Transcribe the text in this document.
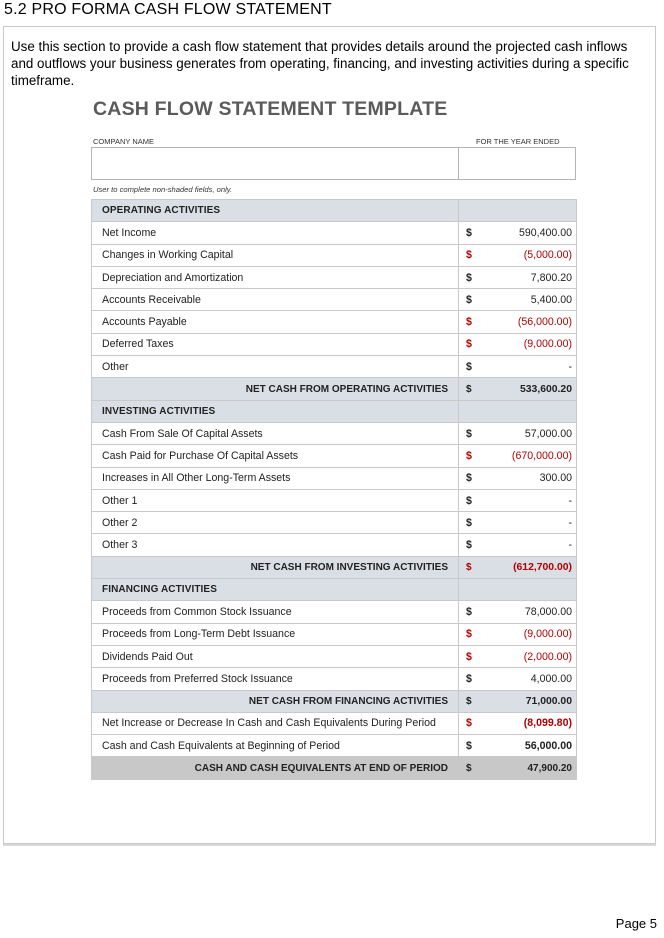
5.2 PRO FORMA CASH FLOW STATEMENT
Use this section to provide a cash flow statement that provides details around the projected cash inflows and outflows your business generates from operating, financing, and investing activities during a specific timeframe.
CASH FLOW STATEMENT TEMPLATE
COMPANY NAME	FOR THE YEAR ENDED
User to complete non-shaded fields, only.
OPERATING ACTIVITIES		
Net Income	$	590,400.00
Changes in Working Capital	$	(5,000.00)
Depreciation and Amortization	$	7,800.20
Accounts Receivable	$	5,400.00
Accounts Payable	$	(56,000.00)
Deferred Taxes	$	(9,000.00)
Other	$	-
NET CASH FROM OPERATING ACTIVITIES	$	533,600.20
INVESTING ACTIVITIES		
Cash From Sale Of Capital Assets	$	57,000.00
Cash Paid for Purchase Of Capital Assets	$	(670,000.00)
Increases in All Other Long-Term Assets	$	300.00
Other 1	$	-
Other 2	$	-
Other 3	$	-
NET CASH FROM INVESTING ACTIVITIES	$	(612,700.00)
FINANCING ACTIVITIES		
Proceeds from Common Stock Issuance	$	78,000.00
Proceeds from Long-Term Debt Issuance	$	(9,000.00)
Dividends Paid Out	$	(2,000.00)
Proceeds from Preferred Stock Issuance	$	4,000.00
NET CASH FROM FINANCING ACTIVITIES	$	71,000.00
Net Increase or Decrease In Cash and Cash Equivalents During Period	$	(8,099.80)
Cash and Cash Equivalents at Beginning of Period	$	56,000.00
CASH AND CASH EQUIVALENTS AT END OF PERIOD	$	47,900.20
Page 5
